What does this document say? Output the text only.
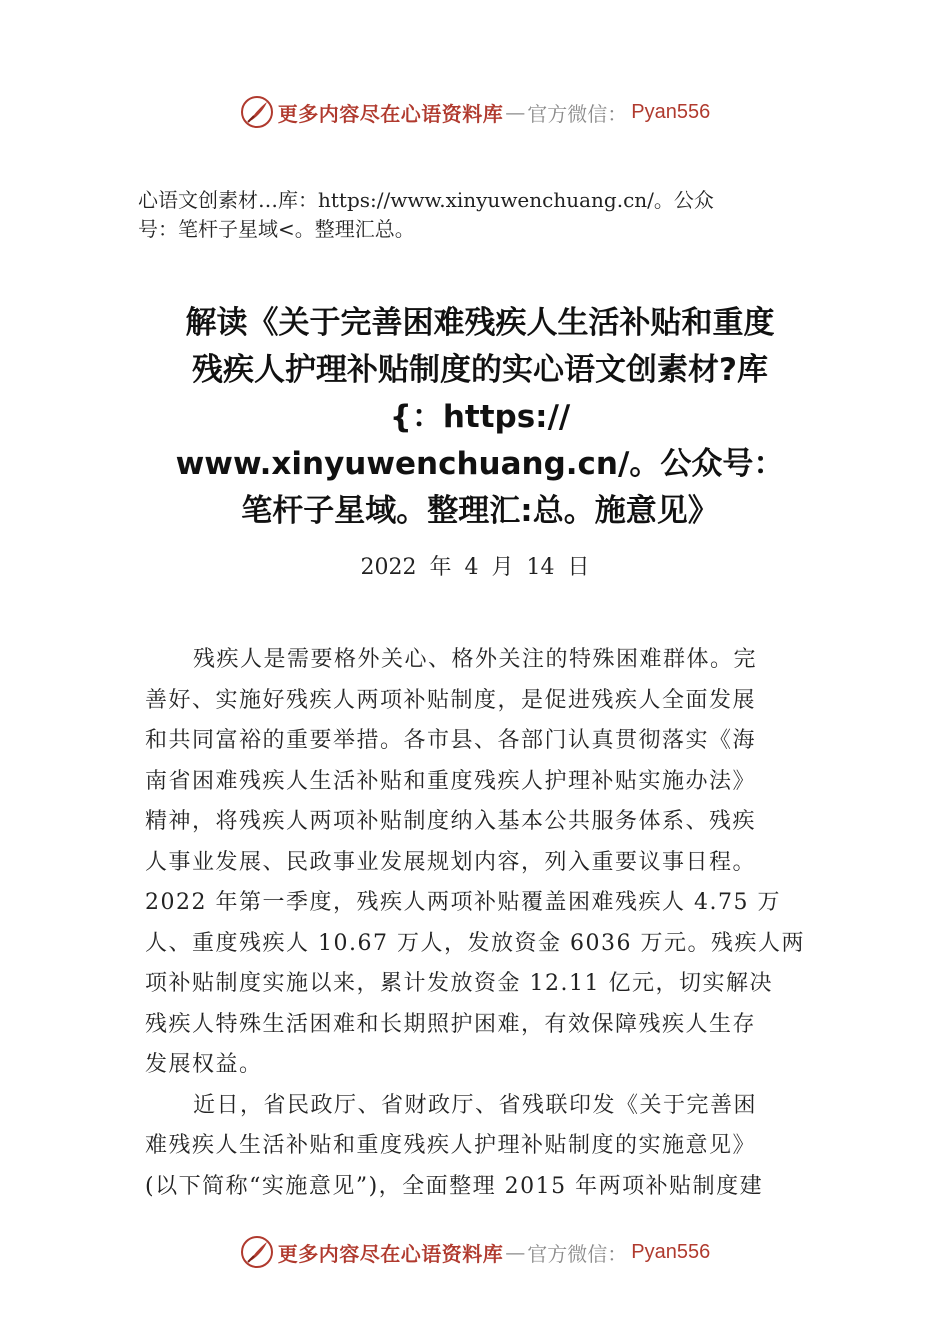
更多内容尽在心语资料库 — 官方微信： Pyan556
心语文创素材…库：https://www.xinyuwenchuang.cn/。公众
号：笔杆子星域<。整理汇总。
解读《关于完善困难残疾人生活补贴和重度
残疾人护理补贴制度的实心语文创素材?库
{：https://
www.xinyuwenchuang.cn/。公众号：
笔杆子星域。整理汇:总。施意见》
2022 年 4 月 14 日
残疾人是需要格外关心、格外关注的特殊困难群体。完
善好、实施好残疾人两项补贴制度，是促进残疾人全面发展
和共同富裕的重要举措。各市县、各部门认真贯彻落实《海
南省困难残疾人生活补贴和重度残疾人护理补贴实施办法》
精神，将残疾人两项补贴制度纳入基本公共服务体系、残疾
人事业发展、民政事业发展规划内容，列入重要议事日程。
2022 年第一季度，残疾人两项补贴覆盖困难残疾人 4.75 万
人、重度残疾人 10.67 万人，发放资金 6036 万元。残疾人两
项补贴制度实施以来，累计发放资金 12.11 亿元，切实解决
残疾人特殊生活困难和长期照护困难，有效保障残疾人生存
发展权益。
近日，省民政厅、省财政厅、省残联印发《关于完善困
难残疾人生活补贴和重度残疾人护理补贴制度的实施意见》
(以下简称“实施意见”)，全面整理 2015 年两项补贴制度建
更多内容尽在心语资料库 — 官方微信： Pyan556
